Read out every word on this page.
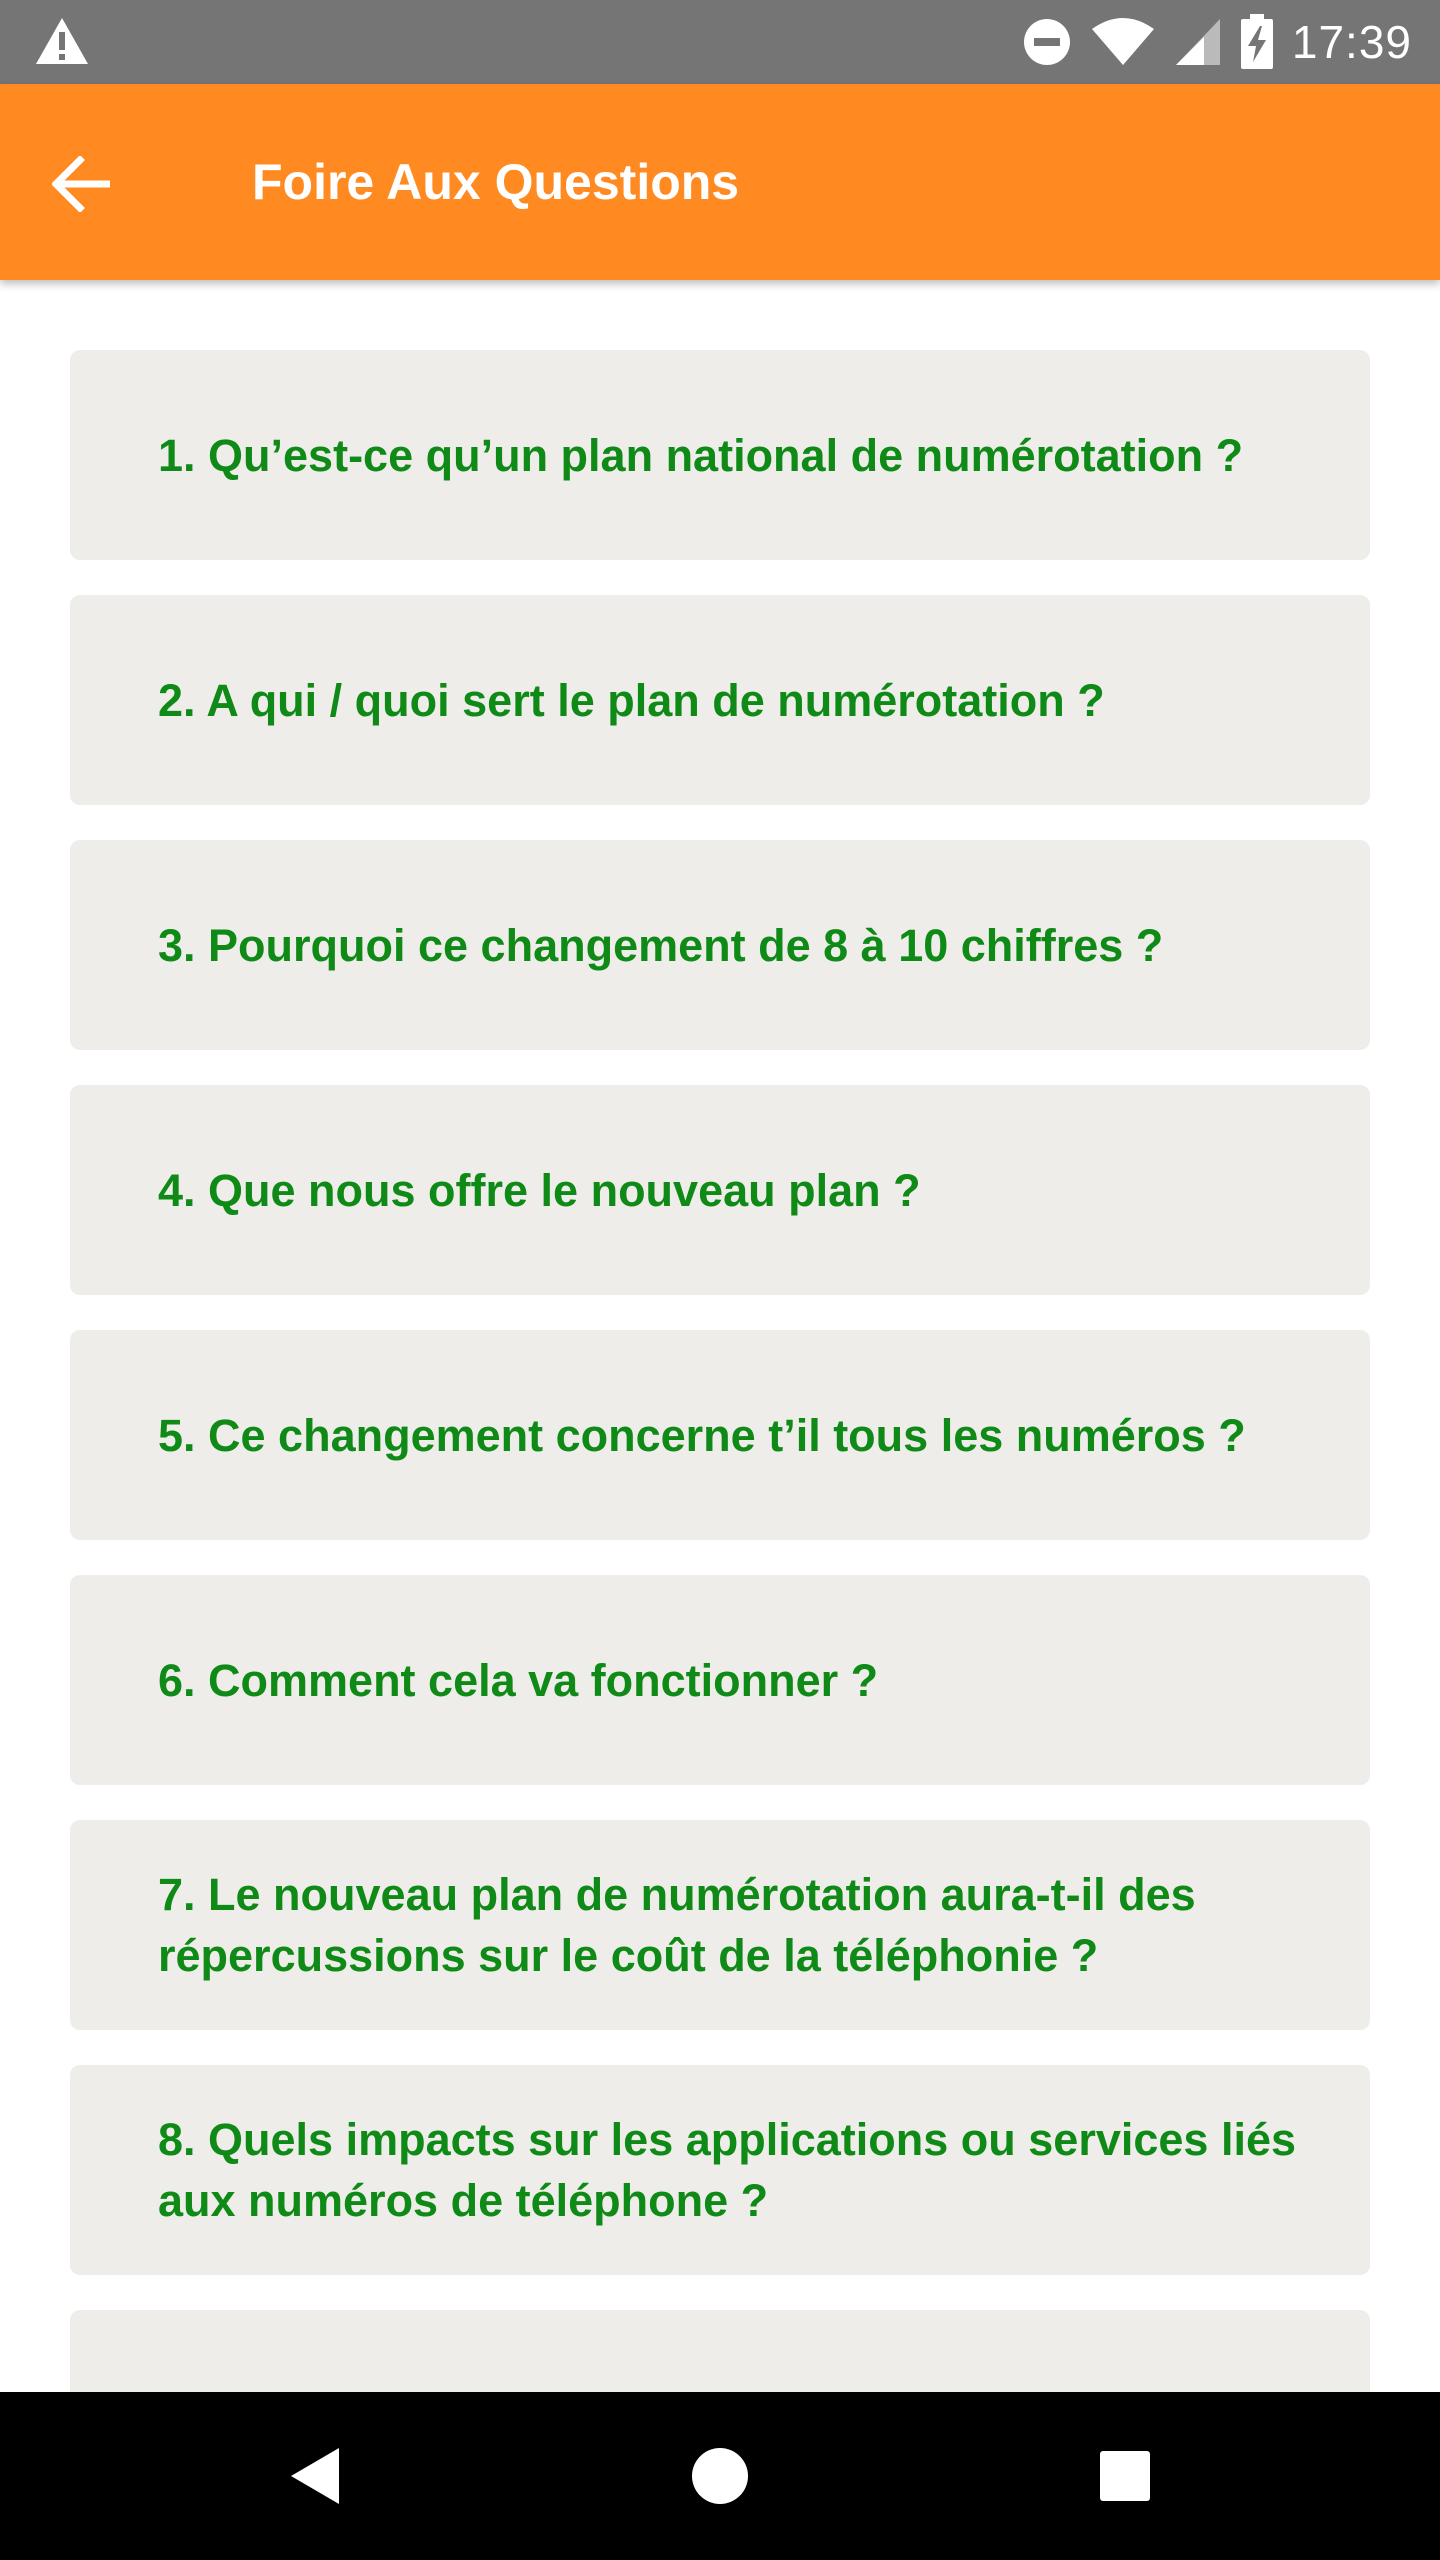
17:39
Foire Aux Questions
1. Qu’est-ce qu’un plan national de numérotation ?
2. A qui / quoi sert le plan de numérotation ?
3. Pourquoi ce changement de 8 à 10 chiffres ?
4. Que nous offre le nouveau plan ?
5. Ce changement concerne t’il tous les numéros ?
6. Comment cela va fonctionner ?
7. Le nouveau plan de numérotation aura-t-il des répercussions sur le coût de la téléphonie ?
8. Quels impacts sur les applications ou services liés aux numéros de téléphone ?
